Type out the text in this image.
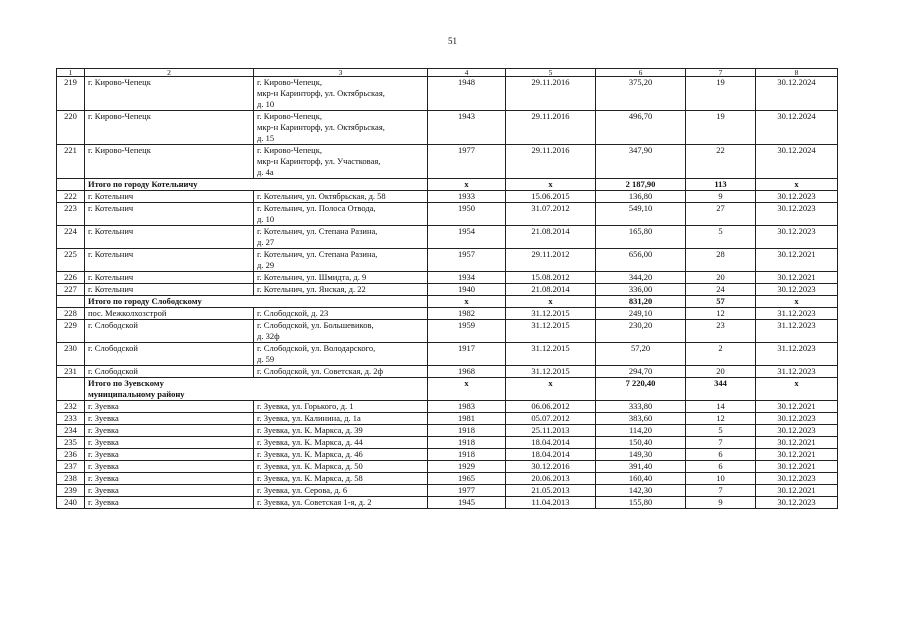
51
1	2	3	4	5	6	7	8
219	г. Кирово-Чепецк	г. Кирово-Чепецк,
мкр-н Каринторф, ул. Октябрьская,
д. 10	1948	29.11.2016	375,20	19	30.12.2024
220	г. Кирово-Чепецк	г. Кирово-Чепецк,
мкр-н Каринторф, ул. Октябрьская,
д. 15	1943	29.11.2016	496,70	19	30.12.2024
221	г. Кирово-Чепецк	г. Кирово-Чепецк,
мкр-н Каринторф, ул. Участковая,
д. 4а	1977	29.11.2016	347,90	22	30.12.2024
	Итого по городу Котельничу		х	х	2 187,90	113	х
222	г. Котельнич	г. Котельнич, ул. Октябрьская, д. 58	1933	15.06.2015	136,80	9	30.12.2023
223	г. Котельнич	г. Котельнич, ул. Полоса Отвода,
д. 10	1950	31.07.2012	549,10	27	30.12.2023
224	г. Котельнич	г. Котельнич, ул. Степана Разина,
д. 27	1954	21.08.2014	165,80	5	30.12.2023
225	г. Котельнич	г. Котельнич, ул. Степана Разина,
д. 29	1957	29.11.2012	656,00	28	30.12.2021
226	г. Котельнич	г. Котельнич, ул. Шмидта, д. 9	1934	15.08.2012	344,20	20	30.12.2021
227	г. Котельнич	г. Котельнич, ул. Янская, д. 22	1940	21.08.2014	336,00	24	30.12.2023
	Итого по городу Слободскому		х	х	831,20	57	х
228	пос. Межколхозстрой	г. Слободской, д. 23	1982	31.12.2015	249,10	12	31.12.2023
229	г. Слободской	г. Слободской, ул. Большевиков,
д. 32ф	1959	31.12.2015	230,20	23	31.12.2023
230	г. Слободской	г. Слободской, ул. Володарского,
д. 59	1917	31.12.2015	57,20	2	31.12.2023
231	г. Слободской	г. Слободской, ул. Советская, д. 2ф	1968	31.12.2015	294,70	20	31.12.2023
	Итого по Зуевскому
муниципальному району		х	х	7 220,40	344	х
232	г. Зуевка	г. Зуевка, ул. Горького, д. 1	1983	06.06.2012	333,80	14	30.12.2021
233	г. Зуевка	г. Зуевка, ул. Калинина, д. 1а	1981	05.07.2012	383,60	12	30.12.2023
234	г. Зуевка	г. Зуевка, ул. К. Маркса, д. 39	1918	25.11.2013	114,20	5	30.12.2023
235	г. Зуевка	г. Зуевка, ул. К. Маркса, д. 44	1918	18.04.2014	150,40	7	30.12.2021
236	г. Зуевка	г. Зуевка, ул. К. Маркса, д. 46	1918	18.04.2014	149,30	6	30.12.2021
237	г. Зуевка	г. Зуевка, ул. К. Маркса, д. 50	1929	30.12.2016	391,40	6	30.12.2021
238	г. Зуевка	г. Зуевка, ул. К. Маркса, д. 58	1965	20.06.2013	160,40	10	30.12.2023
239	г. Зуевка	г. Зуевка, ул. Серова, д. 6	1977	21.05.2013	142,30	7	30.12.2021
240	г. Зуевка	г. Зуевка, ул. Советская 1-я, д. 2	1945	11.04.2013	155,80	9	30.12.2023
